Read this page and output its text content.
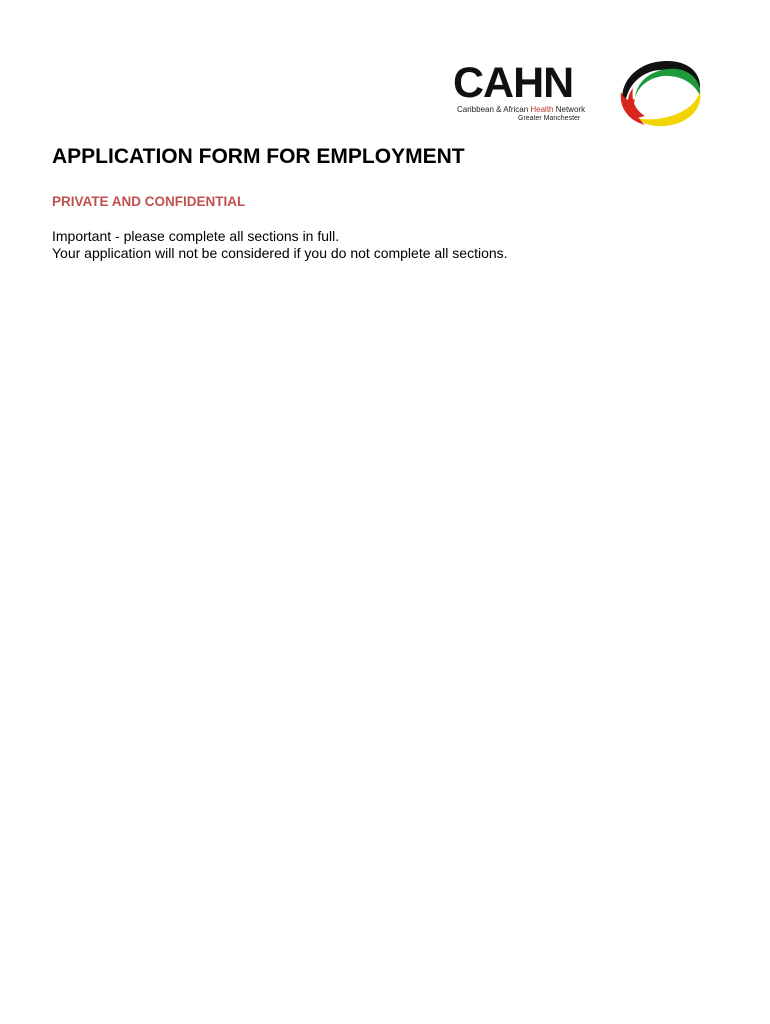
CAHN
Caribbean & African Health Network
Greater Manchester
APPLICATION FORM FOR EMPLOYMENT

PRIVATE AND CONFIDENTIAL

Important - please complete all sections in full.
Your application will not be considered if you do not complete all sections.
